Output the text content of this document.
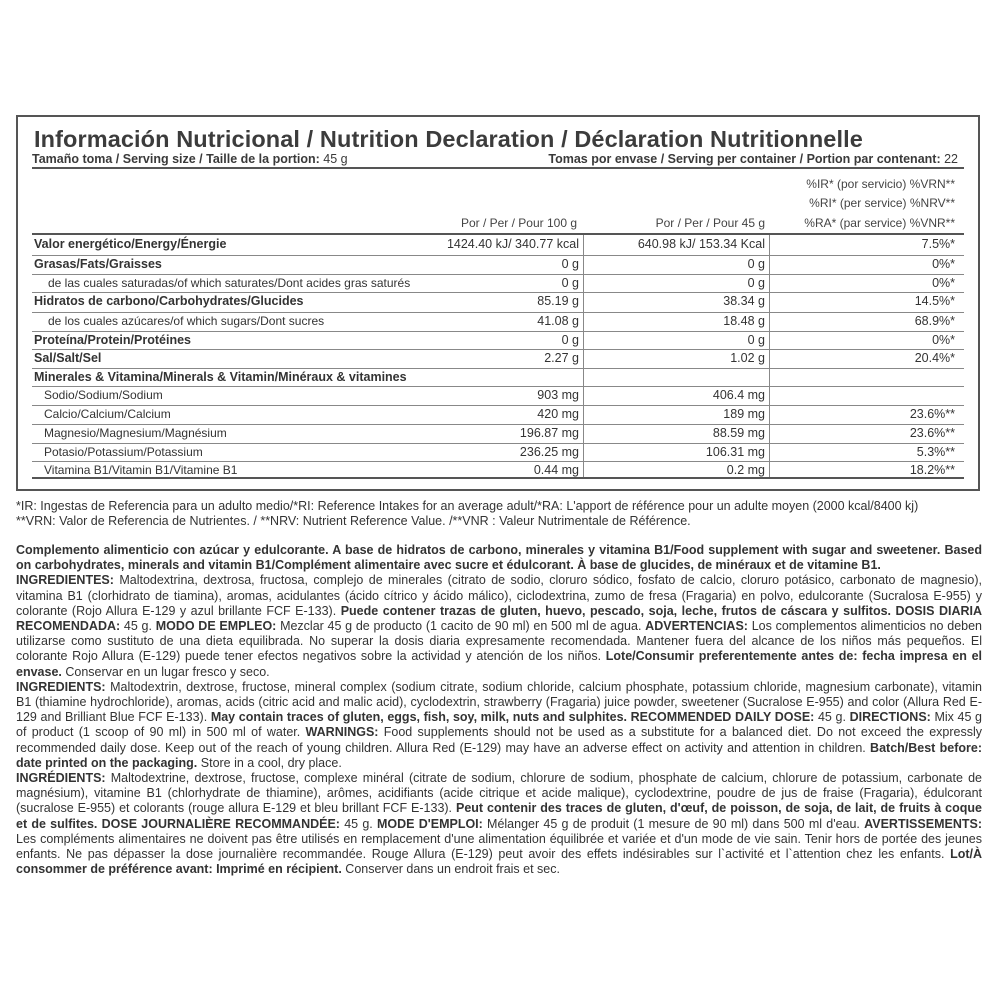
Información Nutricional / Nutrition Declaration / Déclaration Nutritionnelle
Tamaño toma / Serving size / Taille de la portion: 45 g	Tomas por envase / Serving per container / Portion par contenant: 22
%IR* (por servicio) %VRN**
%RI* (per service) %NRV**
%RA* (par service) %VNR**
Por / Per / Pour 100 g	Por / Per / Pour 45 g
Valor energético/Energy/Énergie	1424.40 kJ/ 340.77 kcal	640.98 kJ/ 153.34 Kcal	7.5%*
Grasas/Fats/Graisses	0 g	0 g	0%*
de las cuales saturadas/of which saturates/Dont acides gras saturés	0 g	0 g	0%*
Hidratos de carbono/Carbohydrates/Glucides	85.19 g	38.34 g	14.5%*
de los cuales azúcares/of which sugars/Dont sucres	41.08 g	18.48 g	68.9%*
Proteína/Protein/Protéines	0 g	0 g	0%*
Sal/Salt/Sel	2.27 g	1.02 g	20.4%*
Minerales & Vitamina/Minerals & Vitamin/Minéraux & vitamines
Sodio/Sodium/Sodium	903 mg	406.4 mg
Calcio/Calcium/Calcium	420 mg	189 mg	23.6%**
Magnesio/Magnesium/Magnésium	196.87 mg	88.59 mg	23.6%**
Potasio/Potassium/Potassium	236.25 mg	106.31 mg	5.3%**
Vitamina B1/Vitamin B1/Vitamine B1	0.44 mg	0.2 mg	18.2%**
*IR: Ingestas de Referencia para un adulto medio/*RI: Reference Intakes for an average adult/*RA: L'apport de référence pour un adulte moyen (2000 kcal/8400 kj)
**VRN: Valor de Referencia de Nutrientes. / **NRV: Nutrient Reference Value. /**VNR : Valeur Nutrimentale de Référence.

Complemento alimenticio con azúcar y edulcorante. A base de hidratos de carbono, minerales y vitamina B1/Food supplement with sugar and sweetener. Based on carbohydrates, minerals and vitamin B1/Complément alimentaire avec sucre et édulcorant. À base de glucides, de minéraux et de vitamine B1.

INGREDIENTES: Maltodextrina, dextrosa, fructosa, complejo de minerales (citrato de sodio, cloruro sódico, fosfato de calcio, cloruro potásico, carbonato de magnesio), vitamina B1 (clorhidrato de tiamina), aromas, acidulantes (ácido cítrico y ácido málico), ciclodextrina, zumo de fresa (Fragaria) en polvo, edulcorante (Sucralosa E-955) y colorante (Rojo Allura E-129 y azul brillante FCF E-133). Puede contener trazas de gluten, huevo, pescado, soja, leche, frutos de cáscara y sulfitos. DOSIS DIARIA RECOMENDADA: 45 g. MODO DE EMPLEO: Mezclar 45 g de producto (1 cacito de 90 ml) en 500 ml de agua. ADVERTENCIAS: Los complementos alimenticios no deben utilizarse como sustituto de una dieta equilibrada. No superar la dosis diaria expresamente recomendada. Mantener fuera del alcance de los niños más pequeños. El colorante Rojo Allura (E-129) puede tener efectos negativos sobre la actividad y atención de los niños. Lote/Consumir preferentemente antes de: fecha impresa en el envase. Conservar en un lugar fresco y seco.

INGREDIENTS: Maltodextrin, dextrose, fructose, mineral complex (sodium citrate, sodium chloride, calcium phosphate, potassium chloride, magnesium carbonate), vitamin B1 (thiamine hydrochloride), aromas, acids (citric acid and malic acid), cyclodextrin, strawberry (Fragaria) juice powder, sweetener (Sucralose E-955) and color (Allura Red E-129 and Brilliant Blue FCF E-133). May contain traces of gluten, eggs, fish, soy, milk, nuts and sulphites. RECOMMENDED DAILY DOSE: 45 g. DIRECTIONS: Mix 45 g of product (1 scoop of 90 ml) in 500 ml of water. WARNINGS: Food supplements should not be used as a substitute for a balanced diet. Do not exceed the expressly recommended daily dose. Keep out of the reach of young children. Allura Red (E-129) may have an adverse effect on activity and attention in children. Batch/Best before: date printed on the packaging. Store in a cool, dry place.

INGRÉDIENTS: Maltodextrine, dextrose, fructose, complexe minéral (citrate de sodium, chlorure de sodium, phosphate de calcium, chlorure de potassium, carbonate de magnésium), vitamine B1 (chlorhydrate de thiamine), arômes, acidifiants (acide citrique et acide malique), cyclodextrine, poudre de jus de fraise (Fragaria), édulcorant (sucralose E-955) et colorants (rouge allura E-129 et bleu brillant FCF E-133). Peut contenir des traces de gluten, d'œuf, de poisson, de soja, de lait, de fruits à coque et de sulfites. DOSE JOURNALIÈRE RECOMMANDÉE: 45 g. MODE D'EMPLOI: Mélanger 45 g de produit (1 mesure de 90 ml) dans 500 ml d'eau. AVERTISSEMENTS: Les compléments alimentaires ne doivent pas être utilisés en remplacement d'une alimentation équilibrée et variée et d'un mode de vie sain. Tenir hors de portée des jeunes enfants. Ne pas dépasser la dose journalière recommandée. Rouge Allura (E-129) peut avoir des effets indésirables sur l`activité et l`attention chez les enfants. Lot/À consommer de préférence avant: Imprimé en récipient. Conserver dans un endroit frais et sec.
